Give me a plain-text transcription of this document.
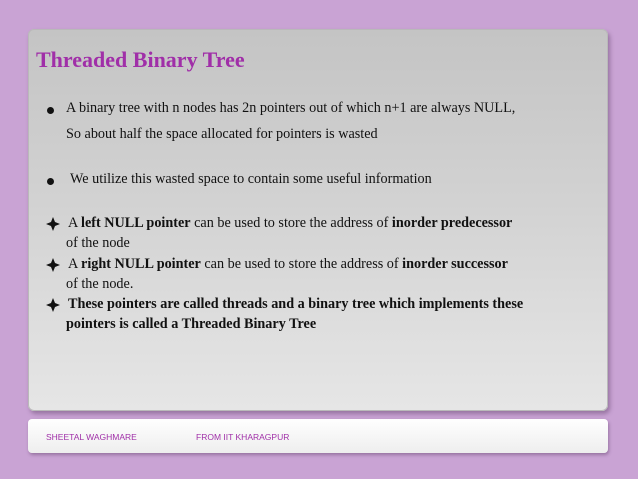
Threaded Binary Tree
A binary tree with n nodes has 2n pointers out of which n+1 are always NULL,
So about half the space allocated for pointers is wasted
We utilize this wasted space to contain some useful information
A left NULL pointer can be used to store the address of inorder predecessor
of the node
A right NULL pointer can be used to store the address of inorder successor
of the node.
These pointers are called threads and a binary tree which implements these
pointers is called a Threaded Binary Tree
SHEETAL WAGHMARE	FROM IIT KHARAGPUR
